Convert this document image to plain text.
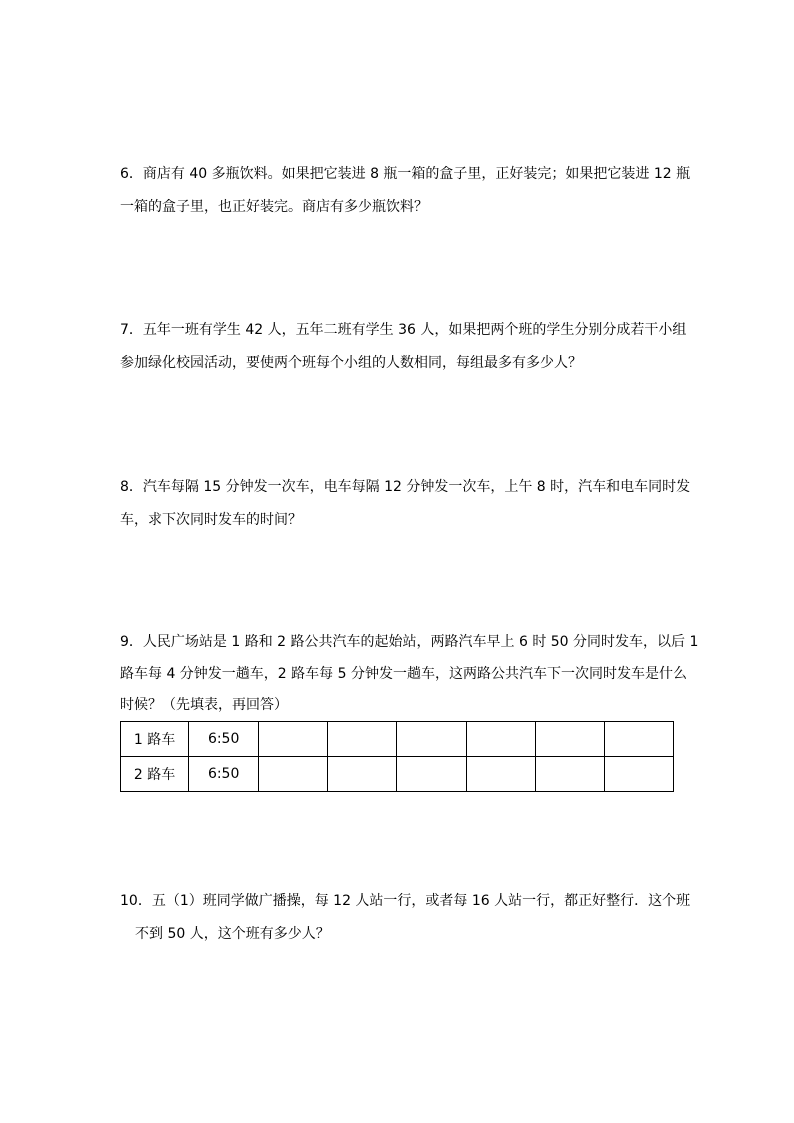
6．商店有 40 多瓶饮料。如果把它装进 8 瓶一箱的盒子里，正好装完；如果把它装进 12 瓶
一箱的盒子里，也正好装完。商店有多少瓶饮料？
7．五年一班有学生 42 人，五年二班有学生 36 人，如果把两个班的学生分别分成若干小组
参加绿化校园活动，要使两个班每个小组的人数相同，每组最多有多少人？
8．汽车每隔 15 分钟发一次车，电车每隔 12 分钟发一次车，上午 8 时，汽车和电车同时发
车，求下次同时发车的时间？
9．人民广场站是 1 路和 2 路公共汽车的起始站，两路汽车早上 6 时 50 分同时发车，以后 1
路车每 4 分钟发一趟车，2 路车每 5 分钟发一趟车，这两路公共汽车下一次同时发车是什么
时候？（先填表，再回答）
1 路车	6:50						
2 路车	6:50						
10．五（1）班同学做广播操，每 12 人站一行，或者每 16 人站一行，都正好整行．这个班
不到 50 人，这个班有多少人？
